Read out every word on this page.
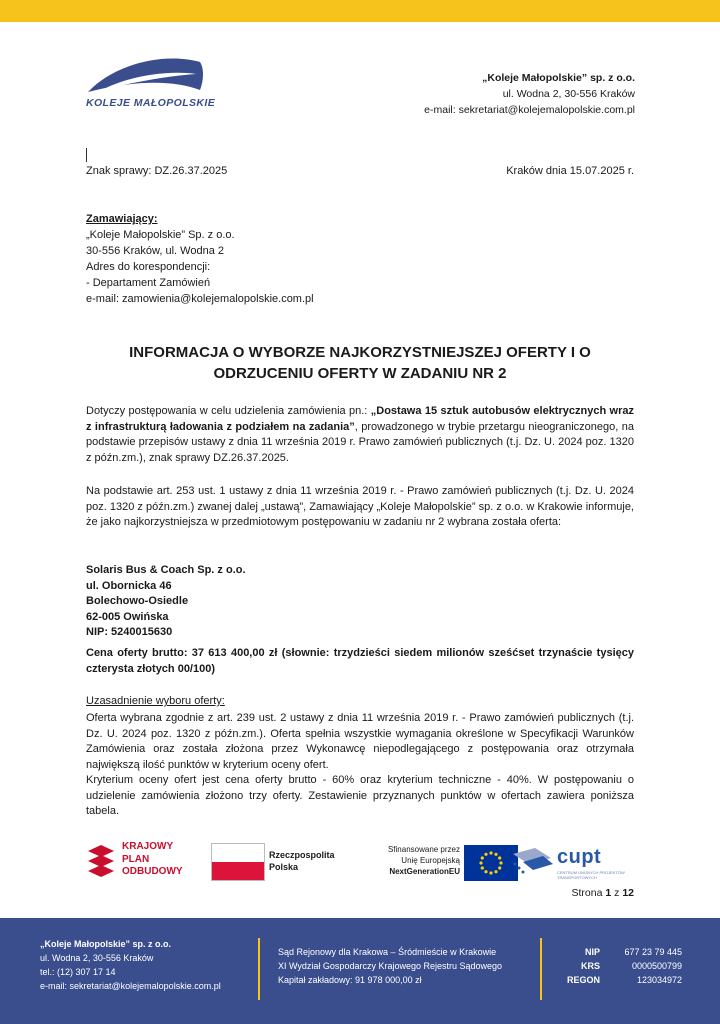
KOLEJE MAŁOPOLSKIE
„Koleje Małopolskie” sp. z o.o.
ul. Wodna 2, 30-556 Kraków
e-mail: sekretariat@kolejemalopolskie.com.pl
Znak sprawy: DZ.26.37.2025	Kraków dnia 15.07.2025 r.
Zamawiający:
„Koleje Małopolskie” Sp. z o.o.
30-556 Kraków, ul. Wodna 2
Adres do korespondencji:
- Departament Zamówień
e-mail: zamowienia@kolejemalopolskie.com.pl
INFORMACJA O WYBORZE NAJKORZYSTNIEJSZEJ OFERTY I O
ODRZUCENIU OFERTY W ZADANIU NR 2
Dotyczy postępowania w celu udzielenia zamówienia pn.: „Dostawa 15 sztuk autobusów elektrycznych wraz z infrastrukturą ładowania z podziałem na zadania”, prowadzonego w trybie przetargu nieograniczonego, na podstawie przepisów ustawy z dnia 11 września 2019 r. Prawo zamówień publicznych (t.j. Dz. U. 2024 poz. 1320 z późn.zm.), znak sprawy DZ.26.37.2025.
Na podstawie art. 253 ust. 1 ustawy z dnia 11 września 2019 r. - Prawo zamówień publicznych (t.j. Dz. U. 2024 poz. 1320 z późn.zm.) zwanej dalej „ustawą”, Zamawiający „Koleje Małopolskie” sp. z o.o. w Krakowie informuje, że jako najkorzystniejsza w przedmiotowym postępowaniu w zadaniu nr 2 wybrana została oferta:
Solaris Bus & Coach Sp. z o.o.
ul. Obornicka 46
Bolechowo-Osiedle
62-005 Owińska
NIP: 5240015630
Cena oferty brutto: 37 613 400,00 zł (słownie: trzydzieści siedem milionów sześćset trzynaście tysięcy czterysta złotych 00/100)
Uzasadnienie wyboru oferty:
Oferta wybrana zgodnie z art. 239 ust. 2 ustawy z dnia 11 września 2019 r. - Prawo zamówień publicznych (t.j. Dz. U. 2024 poz. 1320 z późn.zm.). Oferta spełnia wszystkie wymagania określone w Specyfikacji Warunków Zamówienia oraz została złożona przez Wykonawcę niepodlegającego z postępowania oraz otrzymała największą ilość punktów w kryterium oceny ofert.
Kryterium oceny ofert jest cena oferty brutto - 60% oraz kryterium techniczne - 40%. W postępowaniu o udzielenie zamówienia złożono trzy oferty. Zestawienie przyznanych punktów w ofertach zawiera poniższa tabela.
KRAJOWY
PLAN
ODBUDOWY
Rzeczpospolita
Polska
Sfinansowane przez
Unię Europejską
NextGenerationEU
cupt
CENTRUM UNIJNYCH PROJEKTÓW TRANSPORTOWYCH
Strona 1 z 12
„Koleje Małopolskie” sp. z o.o.
ul. Wodna 2, 30-556 Kraków
tel.: (12) 307 17 14
e-mail: sekretariat@kolejemalopolskie.com.pl
Sąd Rejonowy dla Krakowa – Śródmieście w Krakowie
XI Wydział Gospodarczy Krajowego Rejestru Sądowego
Kapitał zakładowy: 91 978 000,00 zł
NIP	677 23 79 445
KRS	0000500799
REGON	123034972
